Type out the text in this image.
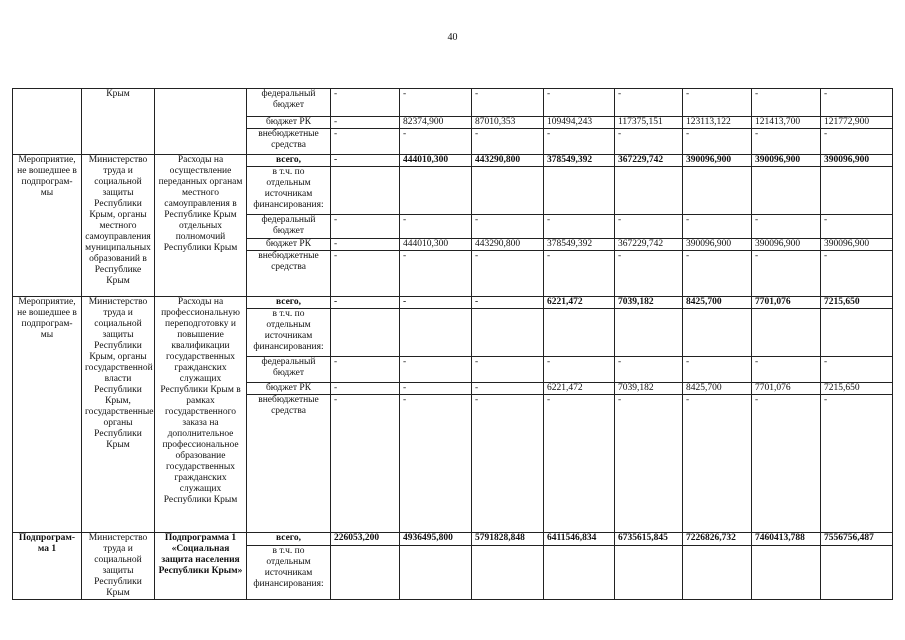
40
	Крым		федеральный бюджет	-	-	-	-	-	-	-	-
			бюджет РК	-	82374,900	87010,353	109494,243	117375,151	123113,122	121413,700	121772,900
			внебюджетные средства	-	-	-	-	-	-	-	-
Мероприятие, не вошедшее в подпрограм-мы	Министерство труда и социальной защиты Республики Крым, органы местного самоуправления муниципальных образований в Республике Крым	Расходы на осуществление переданных органам местного самоуправления в Республике Крым отдельных полномочий Республики Крым	всего,	-	444010,300	443290,800	378549,392	367229,742	390096,900	390096,900	390096,900
			в т.ч. по отдельным источникам финансирования:								
			федеральный бюджет	-	-	-	-	-	-	-	-
			бюджет РК	-	444010,300	443290,800	378549,392	367229,742	390096,900	390096,900	390096,900
			внебюджетные средства	-	-	-	-	-	-	-	-
Мероприятие, не вошедшее в подпрограм-мы	Министерство труда и социальной защиты Республики Крым, органы государственной власти Республики Крым, государственные органы Республики Крым	Расходы на профессиональную переподготовку и повышение квалификации государственных гражданских служащих Республики Крым в рамках государственного заказа на дополнительное профессиональное образование государственных гражданских служащих Республики Крым	всего,	-	-	-	6221,472	7039,182	8425,700	7701,076	7215,650
			в т.ч. по отдельным источникам финансирования:								
			федеральный бюджет	-	-	-	-	-	-	-	-
			бюджет РК	-	-	-	6221,472	7039,182	8425,700	7701,076	7215,650
			внебюджетные средства	-	-	-	-	-	-	-	-
Подпрограм-ма 1	Министерство труда и социальной защиты Республики Крым	Подпрограмма 1 «Социальная защита населения Республики Крым»	всего,	226053,200	4936495,800	5791828,848	6411546,834	6735615,845	7226826,732	7460413,788	7556756,487
			в т.ч. по отдельным источникам финансирования:								
